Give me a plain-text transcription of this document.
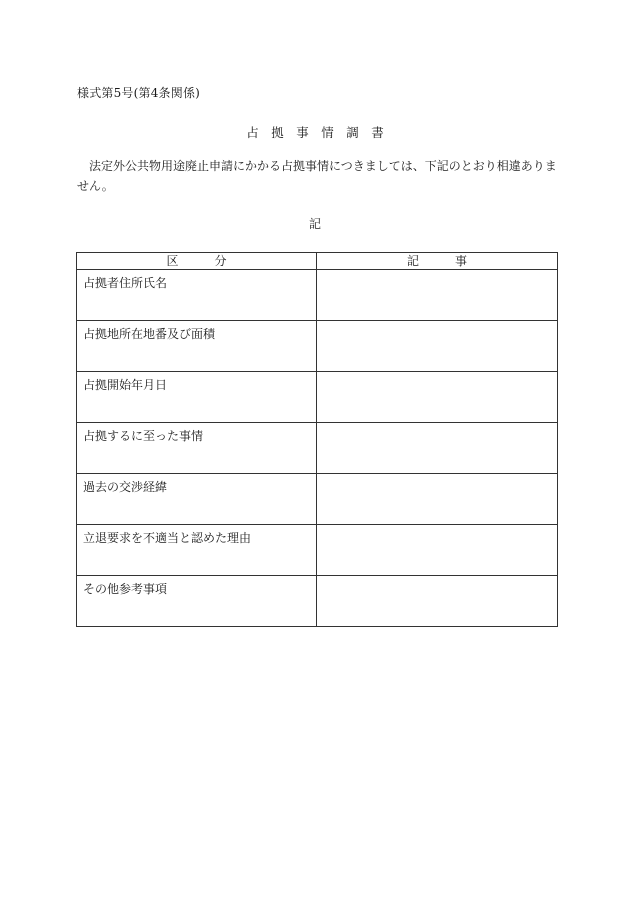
様式第5号(第4条関係)
占　拠　事　情　調　書

法定外公共物用途廃止申請にかかる占拠事情につきましては、下記のとおり相違ありません。

記
区　　　分	記　　　事
占拠者住所氏名	
占拠地所在地番及び面積	
占拠開始年月日	
占拠するに至った事情	
過去の交渉経緯	
立退要求を不適当と認めた理由	
その他参考事項	
